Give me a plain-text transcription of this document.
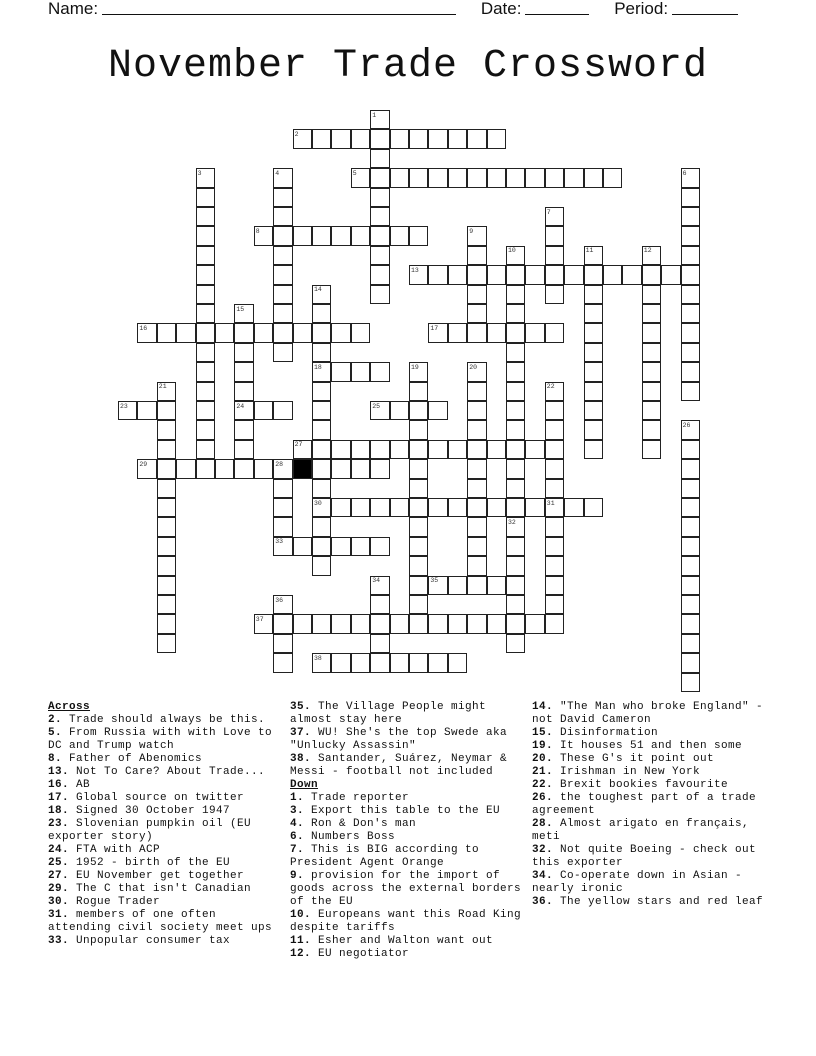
Name:	Date:	Period:
November Trade Crossword
2
5
8
13
16	17
18
23	24	25
27
29
30	31
33
35
37
38
1
3	4	6
7
9
10	11	12
14
15
19	20
21	22
26
28
32
34
36
Across
2. Trade should always be this.
5. From Russia with with Love to DC and Trump watch
8. Father of Abenomics
13. Not To Care? About Trade...
16. AB
17. Global source on twitter
18. Signed 30 October 1947
23. Slovenian pumpkin oil (EU exporter story)
24. FTA with ACP
25. 1952 - birth of the EU
27. EU November get together
29. The C that isn't Canadian
30. Rogue Trader
31. members of one often attending civil society meet ups
33. Unpopular consumer tax
35. The Village People might almost stay here
37. WU! She's the top Swede aka "Unlucky Assassin"
38. Santander, Suárez, Neymar & Messi - football not included
Down
1. Trade reporter
3. Export this table to the EU
4. Ron & Don's man
6. Numbers Boss
7. This is BIG according to President Agent Orange
9. provision for the import of goods across the external borders of the EU
10. Europeans want this Road King despite tariffs
11. Esher and Walton want out
12. EU negotiator
14. "The Man who broke England" - not David Cameron
15. Disinformation
19. It houses 51 and then some
20. These G's it point out
21. Irishman in New York
22. Brexit bookies favourite
26. the toughest part of a trade agreement
28. Almost arigato en français, meti
32. Not quite Boeing - check out this exporter
34. Co-operate down in Asian - nearly ironic
36. The yellow stars and red leaf
